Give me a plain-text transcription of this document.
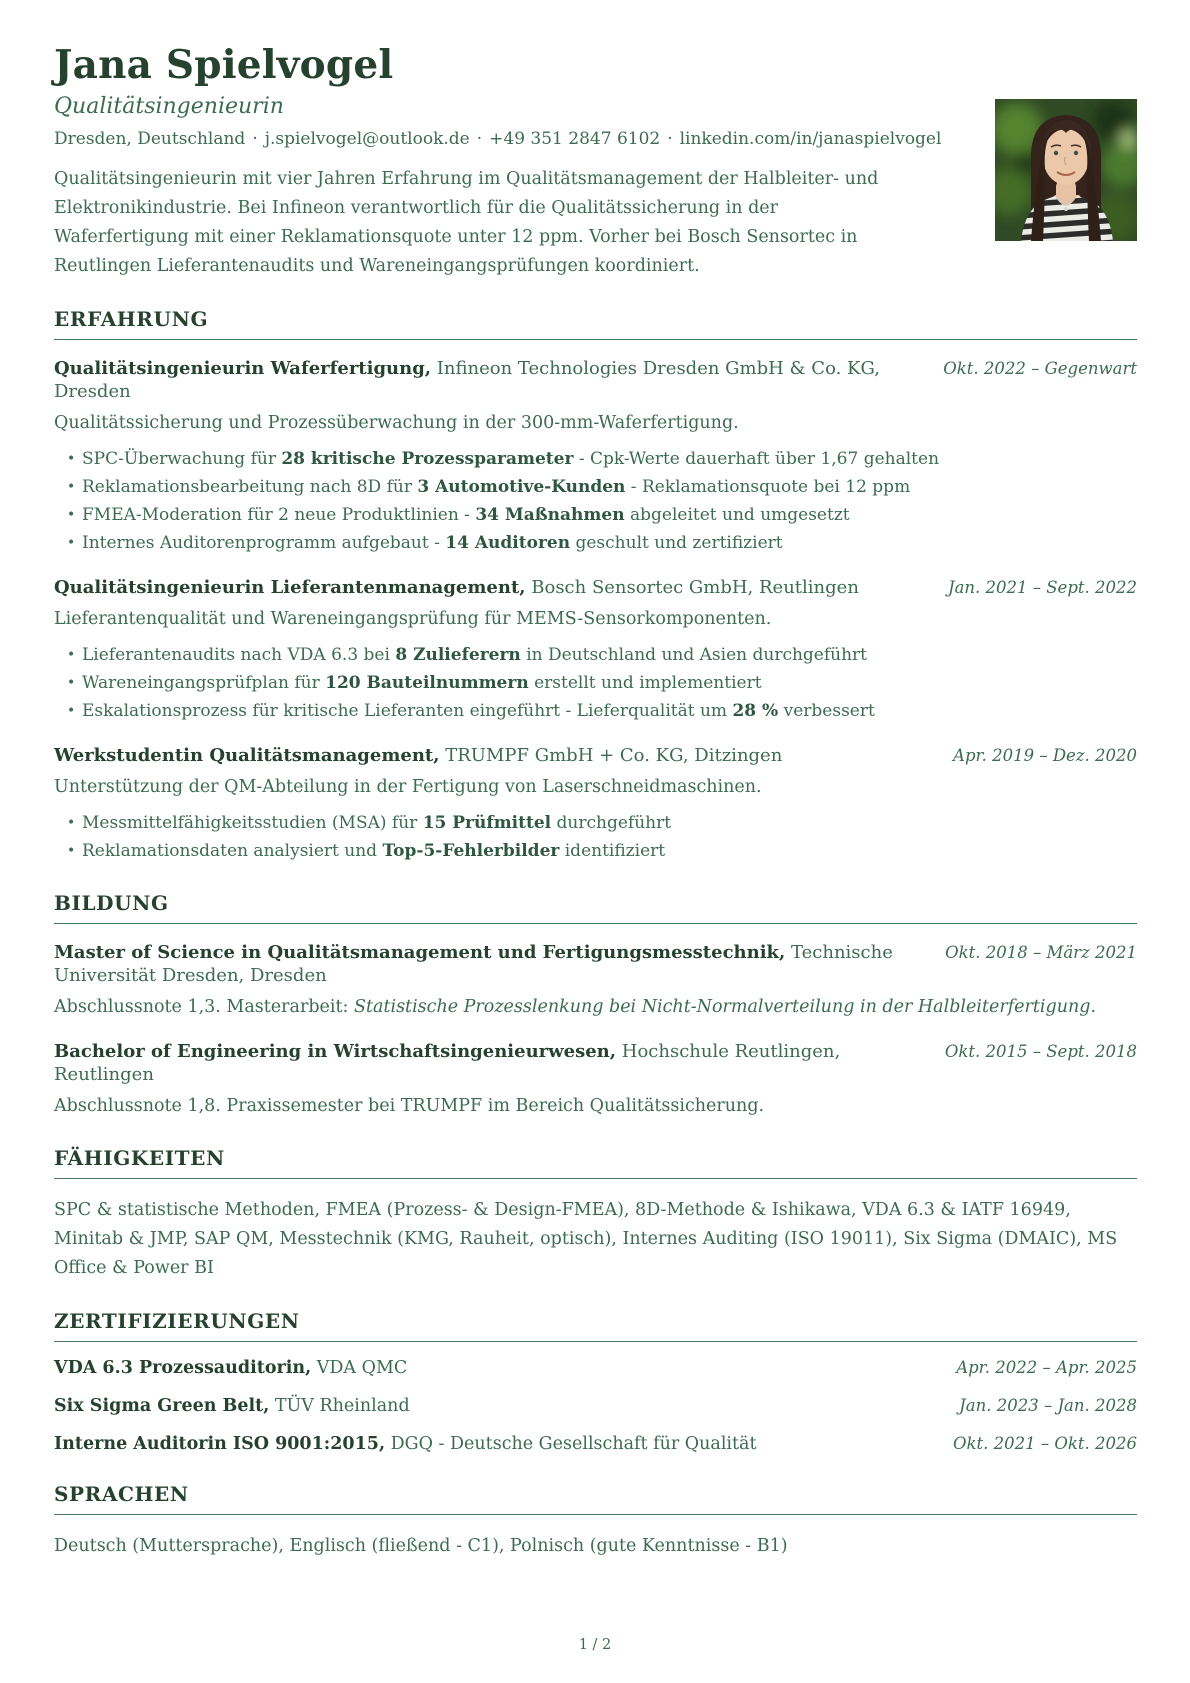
Jana Spielvogel
Qualitätsingenieurin
Dresden, Deutschland · j.spielvogel@outlook.de · +49 351 2847 6102 · linkedin.com/in/janaspielvogel
Qualitätsingenieurin mit vier Jahren Erfahrung im Qualitätsmanagement der Halbleiter- und Elektronikindustrie. Bei Infineon verantwortlich für die Qualitätssicherung in der Waferfertigung mit einer Reklamationsquote unter 12 ppm. Vorher bei Bosch Sensortec in Reutlingen Lieferantenaudits und Wareneingangsprüfungen koordiniert.
ERFAHRUNG
Qualitätsingenieurin Waferfertigung, Infineon Technologies Dresden GmbH & Co. KG, Dresden
Okt. 2022 – Gegenwart
Qualitätssicherung und Prozessüberwachung in der 300-mm-Waferfertigung.
• SPC-Überwachung für 28 kritische Prozessparameter - Cpk-Werte dauerhaft über 1,67 gehalten
• Reklamationsbearbeitung nach 8D für 3 Automotive-Kunden - Reklamationsquote bei 12 ppm
• FMEA-Moderation für 2 neue Produktlinien - 34 Maßnahmen abgeleitet und umgesetzt
• Internes Auditorenprogramm aufgebaut - 14 Auditoren geschult und zertifiziert
Qualitätsingenieurin Lieferantenmanagement, Bosch Sensortec GmbH, Reutlingen	Jan. 2021 – Sept. 2022
Lieferantenqualität und Wareneingangsprüfung für MEMS-Sensorkomponenten.
• Lieferantenaudits nach VDA 6.3 bei 8 Zulieferern in Deutschland und Asien durchgeführt
• Wareneingangsprüfplan für 120 Bauteilnummern erstellt und implementiert
• Eskalationsprozess für kritische Lieferanten eingeführt - Lieferqualität um 28 % verbessert
Werkstudentin Qualitätsmanagement, TRUMPF GmbH + Co. KG, Ditzingen	Apr. 2019 – Dez. 2020
Unterstützung der QM-Abteilung in der Fertigung von Laserschneidmaschinen.
• Messmittelfähigkeitsstudien (MSA) für 15 Prüfmittel durchgeführt
• Reklamationsdaten analysiert und Top-5-Fehlerbilder identifiziert
BILDUNG
Master of Science in Qualitätsmanagement und Fertigungsmesstechnik, Technische Universität Dresden, Dresden
Okt. 2018 – März 2021
Abschlussnote 1,3. Masterarbeit: Statistische Prozesslenkung bei Nicht-Normalverteilung in der Halbleiterfertigung.
Bachelor of Engineering in Wirtschaftsingenieurwesen, Hochschule Reutlingen, Reutlingen
Okt. 2015 – Sept. 2018
Abschlussnote 1,8. Praxissemester bei TRUMPF im Bereich Qualitätssicherung.
FÄHIGKEITEN
SPC & statistische Methoden, FMEA (Prozess- & Design-FMEA), 8D-Methode & Ishikawa, VDA 6.3 & IATF 16949, Minitab & JMP, SAP QM, Messtechnik (KMG, Rauheit, optisch), Internes Auditing (ISO 19011), Six Sigma (DMAIC), MS Office & Power BI
ZERTIFIZIERUNGEN
VDA 6.3 Prozessauditorin, VDA QMC	Apr. 2022 – Apr. 2025
Six Sigma Green Belt, TÜV Rheinland	Jan. 2023 – Jan. 2028
Interne Auditorin ISO 9001:2015, DGQ - Deutsche Gesellschaft für Qualität	Okt. 2021 – Okt. 2026
SPRACHEN
Deutsch (Muttersprache), Englisch (fließend - C1), Polnisch (gute Kenntnisse - B1)
1 / 2
